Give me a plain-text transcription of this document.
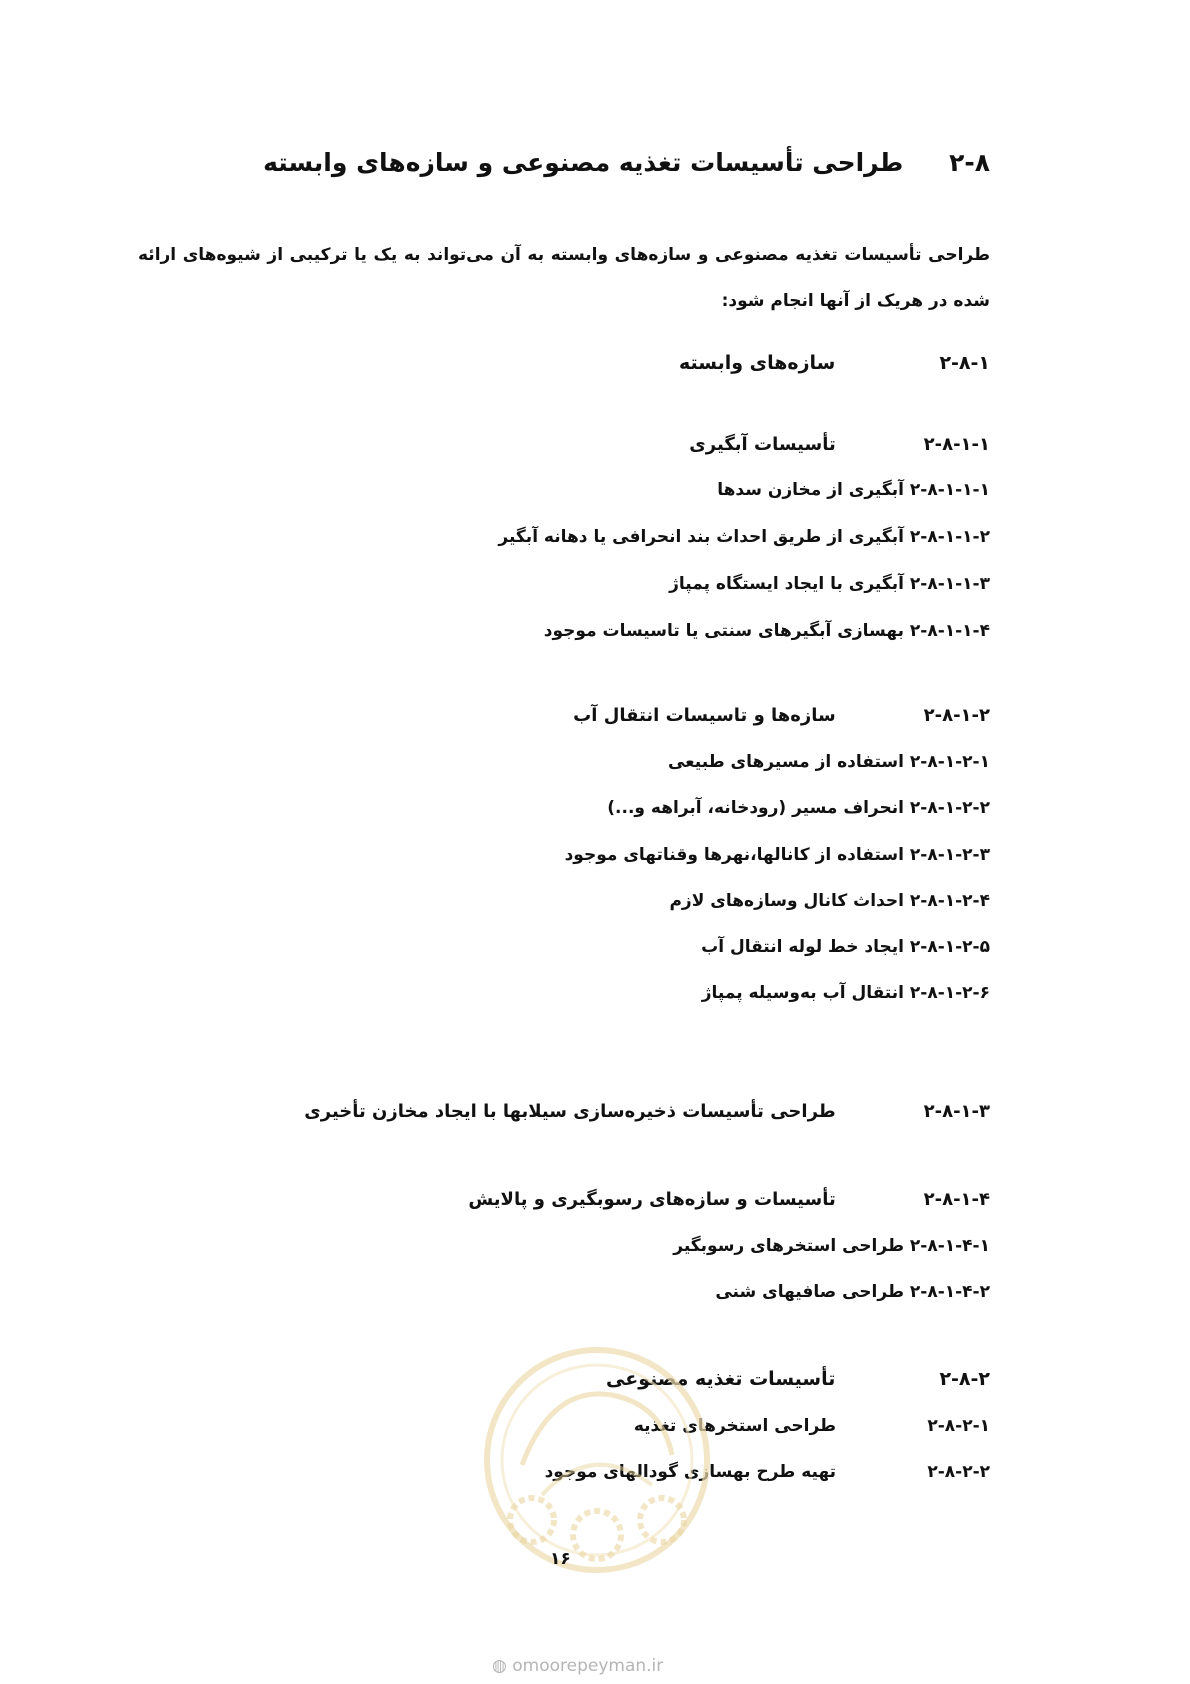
۲-۸ طراحی تأسیسات تغذیه مصنوعی و سازه‌های وابسته
طراحی تأسیسات تغذیه مصنوعی و سازه‌های وابسته به آن می‌تواند به یک یا ترکیبی از شیوه‌های ارائه شده در هریک از آنها انجام شود:
۲-۸-۱ سازه‌های وابسته
۲-۸-۱-۱ تأسیسات آبگیری
۲-۸-۱-۱-۱ آبگیری از مخازن سدها
۲-۸-۱-۱-۲ آبگیری از طریق احداث بند انحرافی یا دهانه آبگیر
۲-۸-۱-۱-۳ آبگیری با ایجاد ایستگاه پمپاژ
۲-۸-۱-۱-۴ بهسازی آبگیرهای سنتی یا تاسیسات موجود
۲-۸-۱-۲ سازه‌ها و تاسیسات انتقال آب
۲-۸-۱-۲-۱ استفاده از مسیرهای طبیعی
۲-۸-۱-۲-۲ انحراف مسیر (رودخانه، آبراهه و...)
۲-۸-۱-۲-۳ استفاده از کانالها،نهرها وقناتهای موجود
۲-۸-۱-۲-۴ احداث کانال وسازه‌های لازم
۲-۸-۱-۲-۵ ایجاد خط لوله انتقال آب
۲-۸-۱-۲-۶ انتقال آب به‌وسیله پمپاژ
۲-۸-۱-۳ طراحی تأسیسات ذخیره‌سازی سیلابها با ایجاد مخازن تأخیری
۲-۸-۱-۴ تأسیسات و سازه‌های رسوبگیری و پالایش
۲-۸-۱-۴-۱ طراحی استخرهای رسوبگیر
۲-۸-۱-۴-۲ طراحی صافیهای شنی
۲-۸-۲ تأسیسات تغذیه مصنوعی
۲-۸-۲-۱ طراحی استخرهای تغذیه
۲-۸-۲-۲ تهیه طرح بهسازی گودالهای موجود
۱۶
◍ omoorepeyman.ir
